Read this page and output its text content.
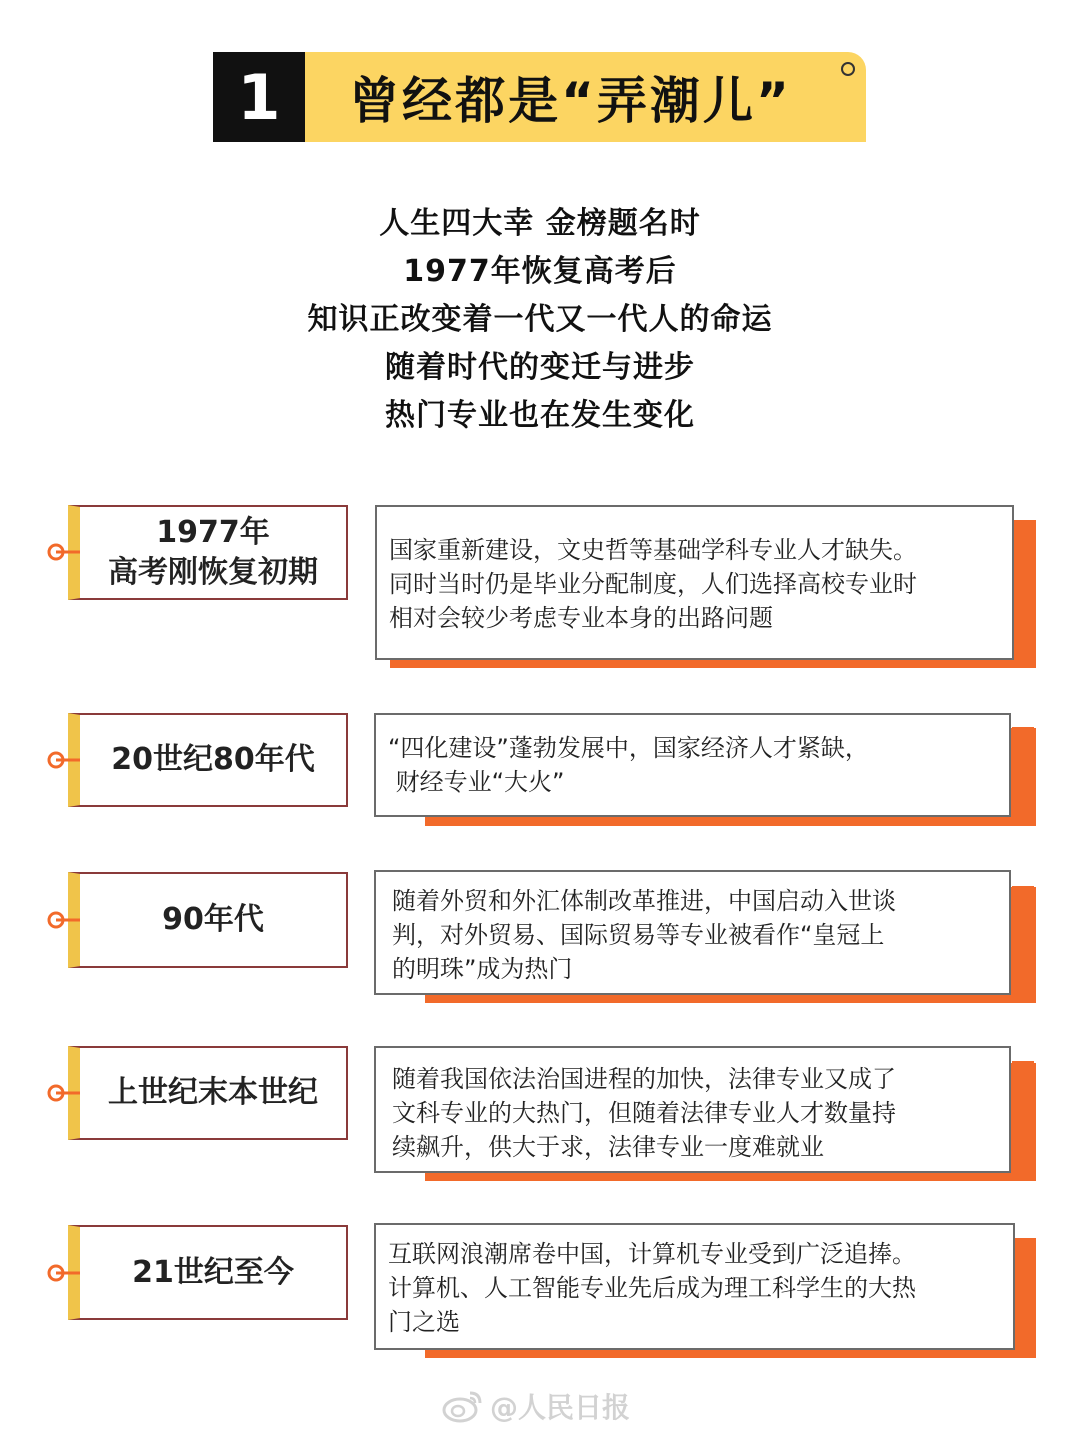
1	曾经都是“弄潮儿”
人生四大幸 金榜题名时
1977年恢复高考后
知识正改变着一代又一代人的命运
随着时代的变迁与进步
热门专业也在发生变化
国家重新建设，文史哲等基础学科专业人才缺失。
同时当时仍是毕业分配制度，人们选择高校专业时
相对会较少考虑专业本身的出路问题
1977年
高考刚恢复初期
“四化建设”蓬勃发展中，国家经济人才紧缺，
财经专业“大火”
20世纪80年代
随着外贸和外汇体制改革推进，中国启动入世谈
判，对外贸易、国际贸易等专业被看作“皇冠上
的明珠”成为热门
90年代
随着我国依法治国进程的加快，法律专业又成了
文科专业的大热门，但随着法律专业人才数量持
续飙升，供大于求，法律专业一度难就业
上世纪末本世纪
互联网浪潮席卷中国，计算机专业受到广泛追捧。
计算机、人工智能专业先后成为理工科学生的大热
门之选
21世纪至今
@人民日报
